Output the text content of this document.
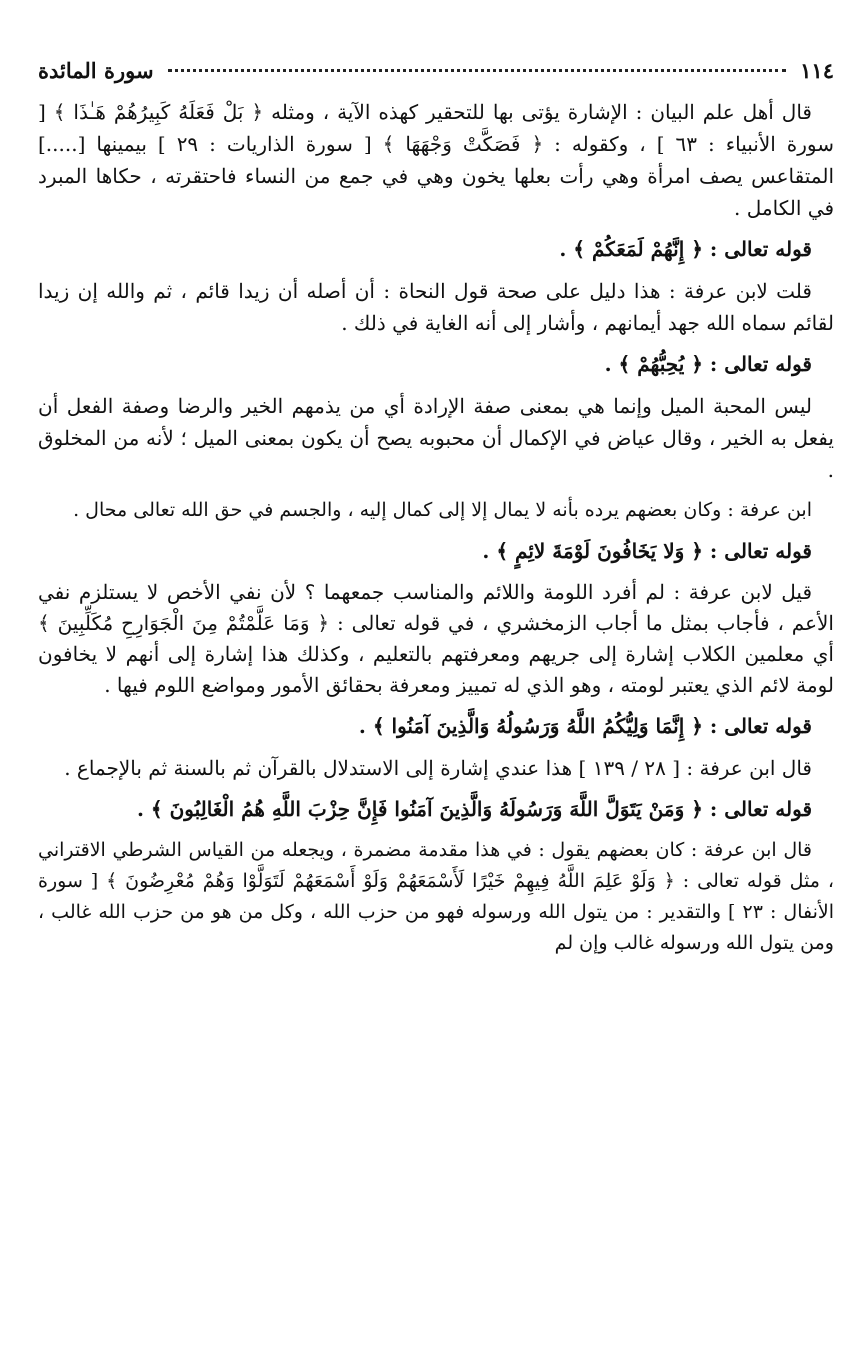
١١٤
سورة المائدة

قال أهل علم البيان : الإشارة يؤتى بها للتحقير كهذه الآية ، ومثله ﴿ بَلْ فَعَلَهُ كَبِيرُهُمْ هَـٰذَا ﴾ [ سورة الأنبياء : ٦٣ ] ، وكقوله : ﴿ فَصَكَّتْ وَجْهَهَا ﴾ [ سورة الذاريات : ٢٩ ] بيمينها [.....] المتقاعس يصف امرأة وهي رأت بعلها يخون وهي في جمع من النساء فاحتقرته ، حكاها المبرد في الكامل .

قوله تعالى : ﴿ إِنَّهُمْ لَمَعَكُمْ ﴾ .

قلت لابن عرفة : هذا دليل على صحة قول النحاة : أن أصله أن زيدا قائم ، ثم والله إن زيدا لقائم سماه الله جهد أيمانهم ، وأشار إلى أنه الغاية في ذلك .

قوله تعالى : ﴿ يُحِبُّهُمْ ﴾ .

ليس المحبة الميل وإنما هي بمعنى صفة الإرادة أي من يذمهم الخير والرضا وصفة الفعل أن يفعل به الخير ، وقال عياض في الإكمال أن محبوبه يصح أن يكون بمعنى الميل ؛ لأنه من المخلوق .

ابن عرفة : وكان بعضهم يرده بأنه لا يمال إلا إلى كمال إليه ، والجسم في حق الله تعالى محال .

قوله تعالى : ﴿ وَلا يَخَافُونَ لَوْمَةَ لائِمٍ ﴾ .

قيل لابن عرفة : لم أفرد اللومة واللائم والمناسب جمعهما ؟ لأن نفي الأخص لا يستلزم نفي الأعم ، فأجاب بمثل ما أجاب الزمخشري ، في قوله تعالى : ﴿ وَمَا عَلَّمْتُمْ مِنَ الْجَوَارِحِ مُكَلِّبِينَ ﴾ أي معلمين الكلاب إشارة إلى جريهم ومعرفتهم بالتعليم ، وكذلك هذا إشارة إلى أنهم لا يخافون لومة لائم الذي يعتبر لومته ، وهو الذي له تمييز ومعرفة بحقائق الأمور ومواضع اللوم فيها .

قوله تعالى : ﴿ إِنَّمَا وَلِيُّكُمُ اللَّهُ وَرَسُولُهُ وَالَّذِينَ آمَنُوا ﴾ .

قال ابن عرفة : [ ٢٨ / ١٣٩ ] هذا عندي إشارة إلى الاستدلال بالقرآن ثم بالسنة ثم بالإجماع .

قوله تعالى : ﴿ وَمَنْ يَتَوَلَّ اللَّهَ وَرَسُولَهُ وَالَّذِينَ آمَنُوا فَإِنَّ حِزْبَ اللَّهِ هُمُ الْغَالِبُونَ ﴾ .

قال ابن عرفة : كان بعضهم يقول : في هذا مقدمة مضمرة ، ويجعله من القياس الشرطي الاقتراني ، مثل قوله تعالى : ﴿ وَلَوْ عَلِمَ اللَّهُ فِيهِمْ خَيْرًا لَأَسْمَعَهُمْ وَلَوْ أَسْمَعَهُمْ لَتَوَلَّوْا وَهُمْ مُعْرِضُونَ ﴾ [ سورة الأنفال : ٢٣ ] والتقدير : من يتول الله ورسوله فهو من حزب الله ، وكل من هو من حزب الله غالب ، ومن يتول الله ورسوله غالب وإن لم
